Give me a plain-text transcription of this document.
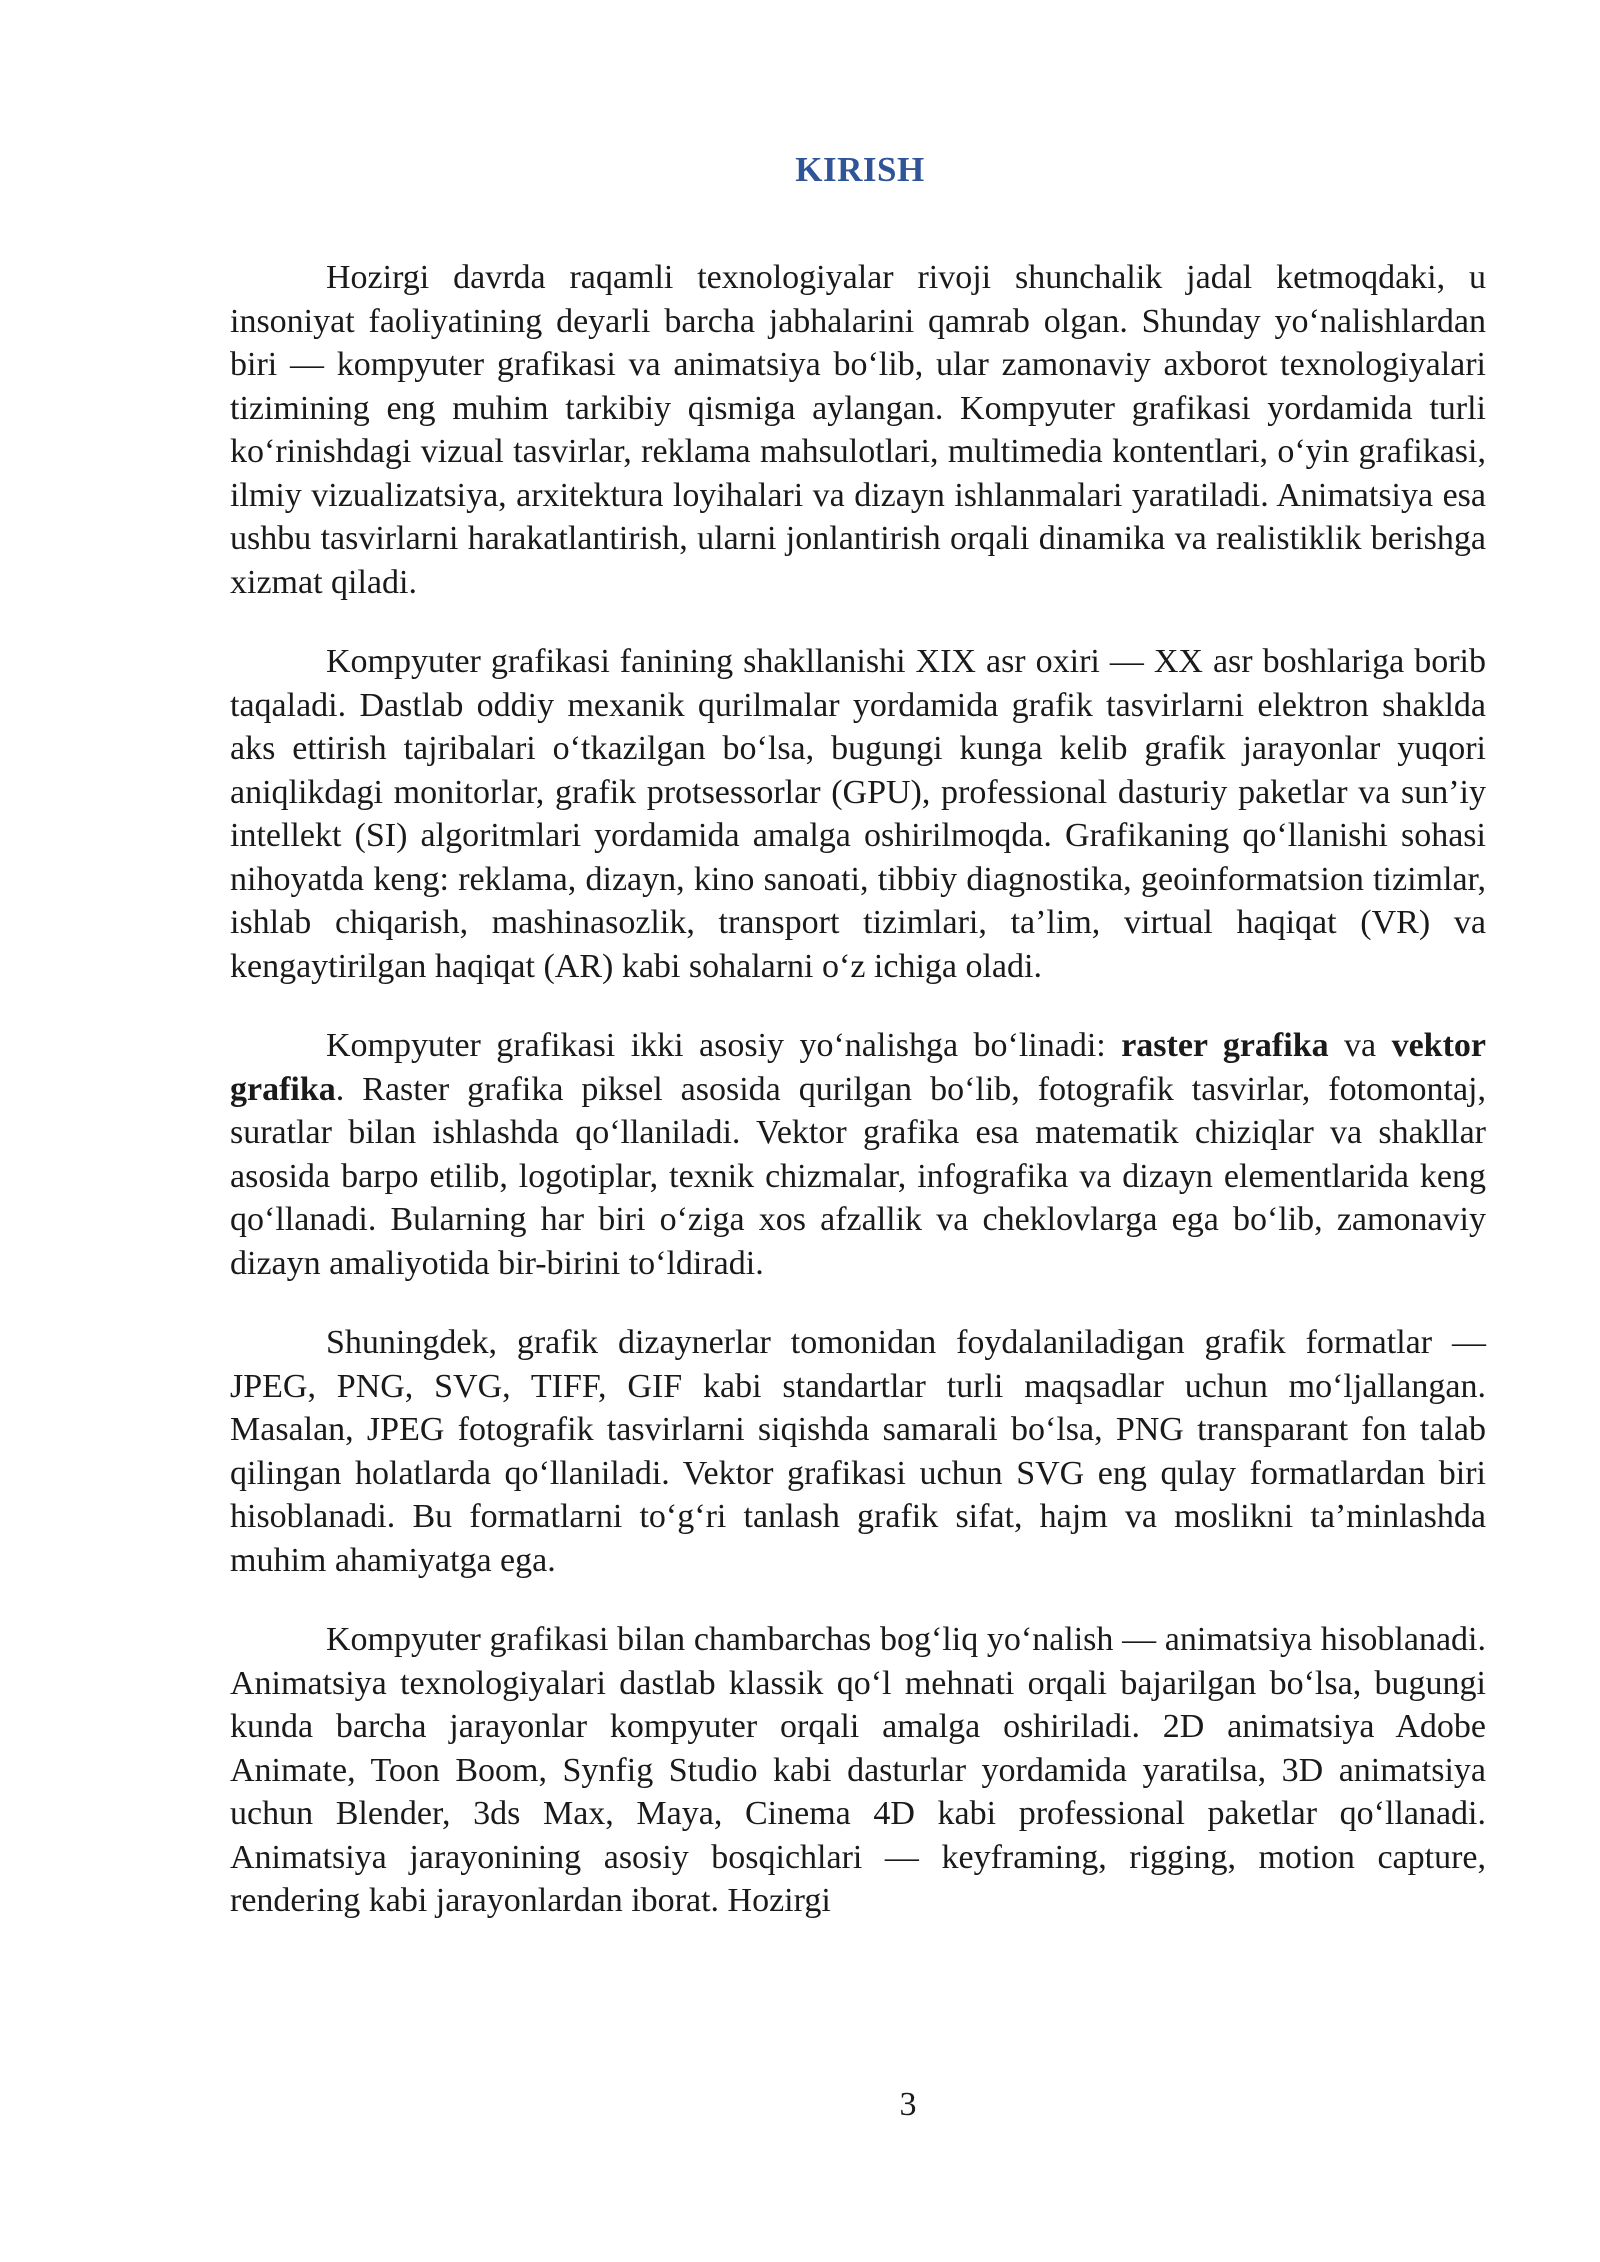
KIRISH

Hozirgi davrda raqamli texnologiyalar rivoji shunchalik jadal ketmoqdaki, u insoniyat faoliyatining deyarli barcha jabhalarini qamrab olgan. Shunday yo‘nalishlardan biri — kompyuter grafikasi va animatsiya bo‘lib, ular zamonaviy axborot texnologiyalari tizimining eng muhim tarkibiy qismiga aylangan. Kompyuter grafikasi yordamida turli ko‘rinishdagi vizual tasvirlar, reklama mahsulotlari, multimedia kontentlari, o‘yin grafikasi, ilmiy vizualizatsiya, arxitektura loyihalari va dizayn ishlanmalari yaratiladi. Animatsiya esa ushbu tasvirlarni harakatlantirish, ularni jonlantirish orqali dinamika va realistiklik berishga xizmat qiladi.

Kompyuter grafikasi fanining shakllanishi XIX asr oxiri — XX asr boshlariga borib taqaladi. Dastlab oddiy mexanik qurilmalar yordamida grafik tasvirlarni elektron shaklda aks ettirish tajribalari o‘tkazilgan bo‘lsa, bugungi kunga kelib grafik jarayonlar yuqori aniqlikdagi monitorlar, grafik protsessorlar (GPU), professional dasturiy paketlar va sun’iy intellekt (SI) algoritmlari yordamida amalga oshirilmoqda. Grafikaning qo‘llanishi sohasi nihoyatda keng: reklama, dizayn, kino sanoati, tibbiy diagnostika, geoinformatsion tizimlar, ishlab chiqarish, mashinasozlik, transport tizimlari, ta’lim, virtual haqiqat (VR) va kengaytirilgan haqiqat (AR) kabi sohalarni o‘z ichiga oladi.

Kompyuter grafikasi ikki asosiy yo‘nalishga bo‘linadi: raster grafika va vektor grafika. Raster grafika piksel asosida qurilgan bo‘lib, fotografik tasvirlar, fotomontaj, suratlar bilan ishlashda qo‘llaniladi. Vektor grafika esa matematik chiziqlar va shakllar asosida barpo etilib, logotiplar, texnik chizmalar, infografika va dizayn elementlarida keng qo‘llanadi. Bularning har biri o‘ziga xos afzallik va cheklovlarga ega bo‘lib, zamonaviy dizayn amaliyotida bir-birini to‘ldiradi.

Shuningdek, grafik dizaynerlar tomonidan foydalaniladigan grafik formatlar — JPEG, PNG, SVG, TIFF, GIF kabi standartlar turli maqsadlar uchun mo‘ljallangan. Masalan, JPEG fotografik tasvirlarni siqishda samarali bo‘lsa, PNG transparant fon talab qilingan holatlarda qo‘llaniladi. Vektor grafikasi uchun SVG eng qulay formatlardan biri hisoblanadi. Bu formatlarni to‘g‘ri tanlash grafik sifat, hajm va moslikni ta’minlashda muhim ahamiyatga ega.

Kompyuter grafikasi bilan chambarchas bog‘liq yo‘nalish — animatsiya hisoblanadi. Animatsiya texnologiyalari dastlab klassik qo‘l mehnati orqali bajarilgan bo‘lsa, bugungi kunda barcha jarayonlar kompyuter orqali amalga oshiriladi. 2D animatsiya Adobe Animate, Toon Boom, Synfig Studio kabi dasturlar yordamida yaratilsa, 3D animatsiya uchun Blender, 3ds Max, Maya, Cinema 4D kabi professional paketlar qo‘llanadi. Animatsiya jarayonining asosiy bosqichlari — keyframing, rigging, motion capture, rendering kabi jarayonlardan iborat. Hozirgi

3
